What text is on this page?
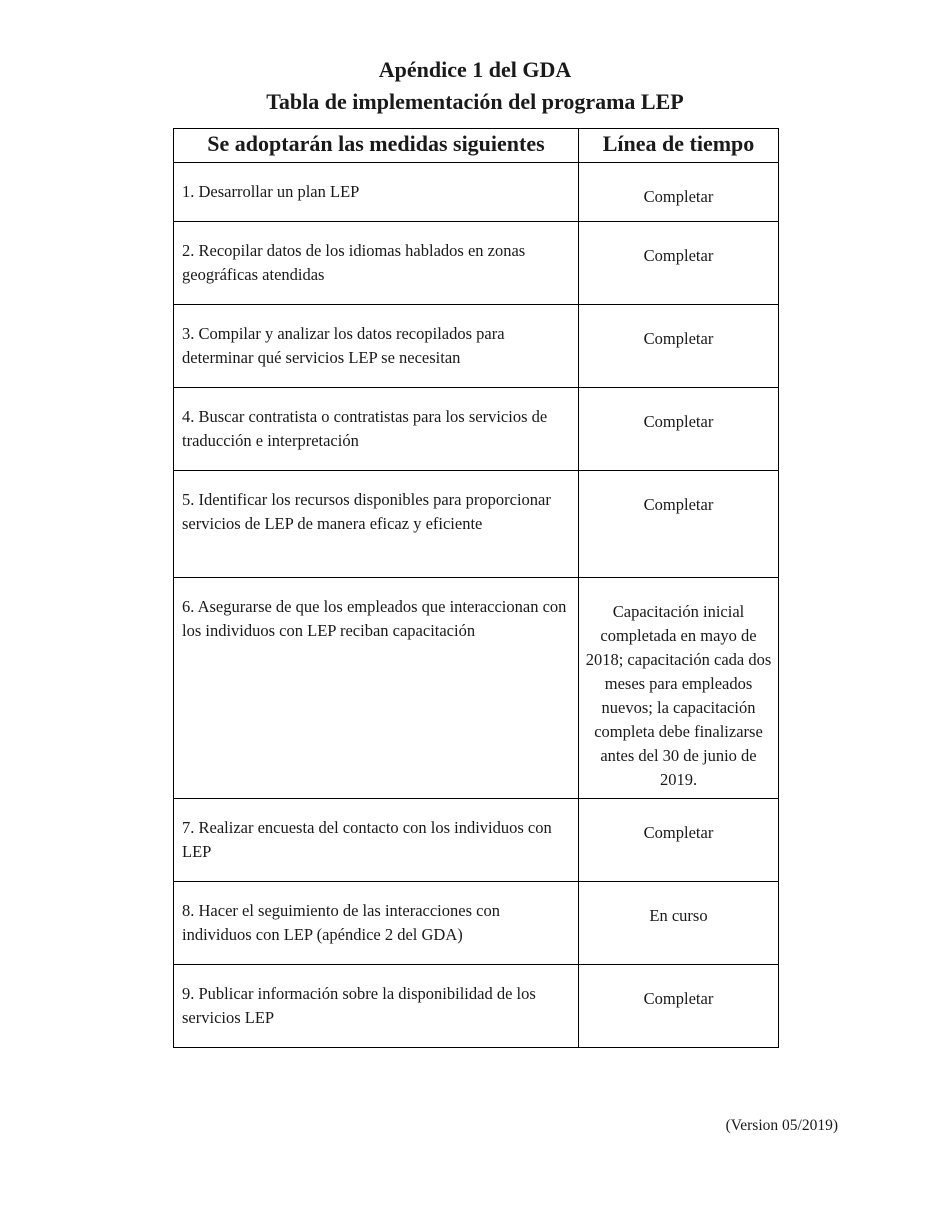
Apéndice 1 del GDA
Tabla de implementación del programa LEP
Se adoptarán las medidas siguientes	Línea de tiempo
1. Desarrollar un plan LEP	Completar
2. Recopilar datos de los idiomas hablados en zonas geográficas atendidas	Completar
3. Compilar y analizar los datos recopilados para determinar qué servicios LEP se necesitan	Completar
4. Buscar contratista o contratistas para los servicios de traducción e interpretación	Completar
5. Identificar los recursos disponibles para proporcionar servicios de LEP de manera eficaz y eficiente	Completar
6. Asegurarse de que los empleados que interaccionan con los individuos con LEP reciban capacitación	Capacitación inicial completada en mayo de 2018; capacitación cada dos meses para empleados nuevos; la capacitación completa debe finalizarse antes del 30 de junio de 2019.
7. Realizar encuesta del contacto con los individuos con LEP	Completar
8. Hacer el seguimiento de las interacciones con individuos con LEP (apéndice 2 del GDA)	En curso
9. Publicar información sobre la disponibilidad de los servicios LEP	Completar
(Version 05/2019)
